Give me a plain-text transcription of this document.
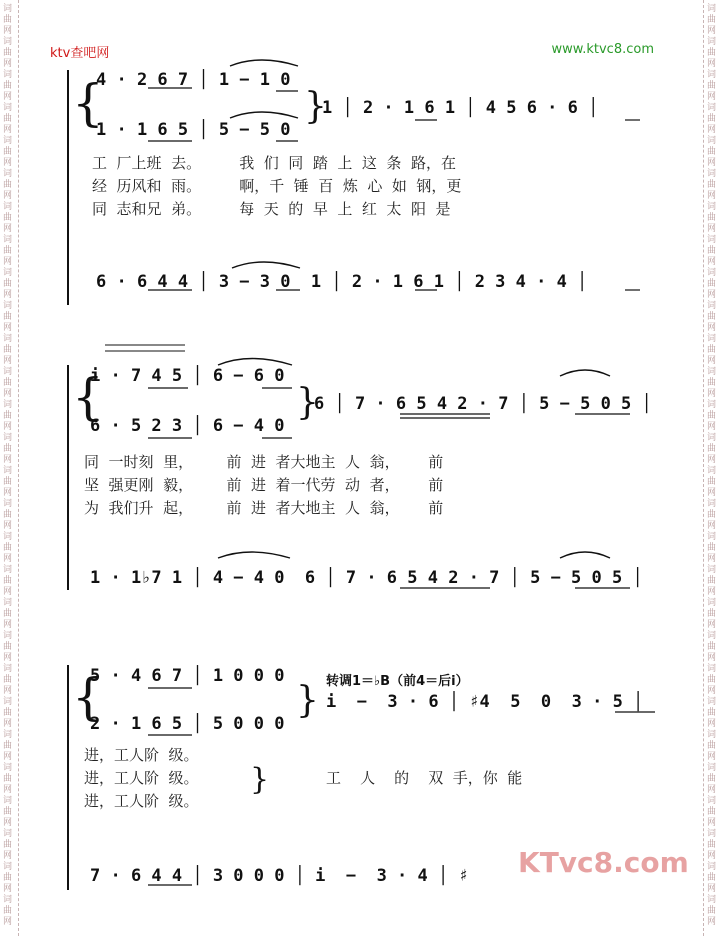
词
曲
网
词
曲
网
词
曲
网
词
曲
网
词
曲
网
词
曲
网
词
曲
网
词
曲
网
词
曲
网
词
曲
网
词
曲
网
词
曲
网
词
曲
网
词
曲
网
词
曲
网
词
曲
网
词
曲
网
词
曲
网
词
曲
网
词
曲
网
词
曲
网
词
曲
网
词
曲
网
词
曲
网
词
曲
网
词
曲
网
词
曲
网
词
曲
网
词
曲
网
词
曲
网
词
曲
网
词
曲
网
词
曲
网
词
曲
网
词
曲
网
词
曲
网
词
曲
网
词
曲
网
词
曲
网
词
曲
网
词
曲
网
词
曲
网
词
曲
网
词
曲
网
词
曲
网
词
曲
网
词
曲
网
词
曲
网
词
曲
网
词
曲
网
词
曲
网
词
曲
网
词
曲
网
词
曲
网
词
曲
网
词
曲
网
ktv查吧网	www.ktvc8.com
{
4 · 2 6 7 │ 1 − 1 0
1 · 1 6 5 │ 5 − 5 0
}
1 │ 2 · 1 6 1 │ 4 5 6 · 6 │
工  厂上班  去。        我  们  同  踏  上  这  条  路，在
经  历风和  雨。        啊，千  锤  百  炼  心  如  钢，更
同  志和兄  弟。        每  天  的  早  上  红  太  阳  是
6 · 6 4 4 │ 3 − 3 0  1 │ 2 · 1 6 1 │ 2 3 4 · 4 │
{
i · 7 4 5 │ 6 − 6 0
6 · 5 2 3 │ 6 − 4 0
}
6 │ 7 · 6 5 4 2 · 7 │ 5 − 5 0 5 │
同  一时刻  里，       前  进  者大地主  人  翁，      前
坚  强更刚  毅，       前  进  着一代劳  动  者，      前
为  我们升  起，       前  进  者大地主  人  翁，      前
1 · 1♭7 1 │ 4 − 4 0  6 │ 7 · 6 5 4 2 · 7 │ 5 − 5 0 5 │
{
5 · 4 6 7 │ 1 0 0 0
2 · 1 6 5 │ 5 0 0 0
} 转调1＝♭B（前4＝后i）
i  −  3 · 6 │ ♯4  5  0  3 · 5 │
进，工人阶  级。
进，工人阶  级。
进，工人阶  级。
}	工    人    的    双  手，你  能
7 · 6 4 4 │ 3 0 0 0 │ i  −  3 · 4 │ ♯ KTvc8.com
